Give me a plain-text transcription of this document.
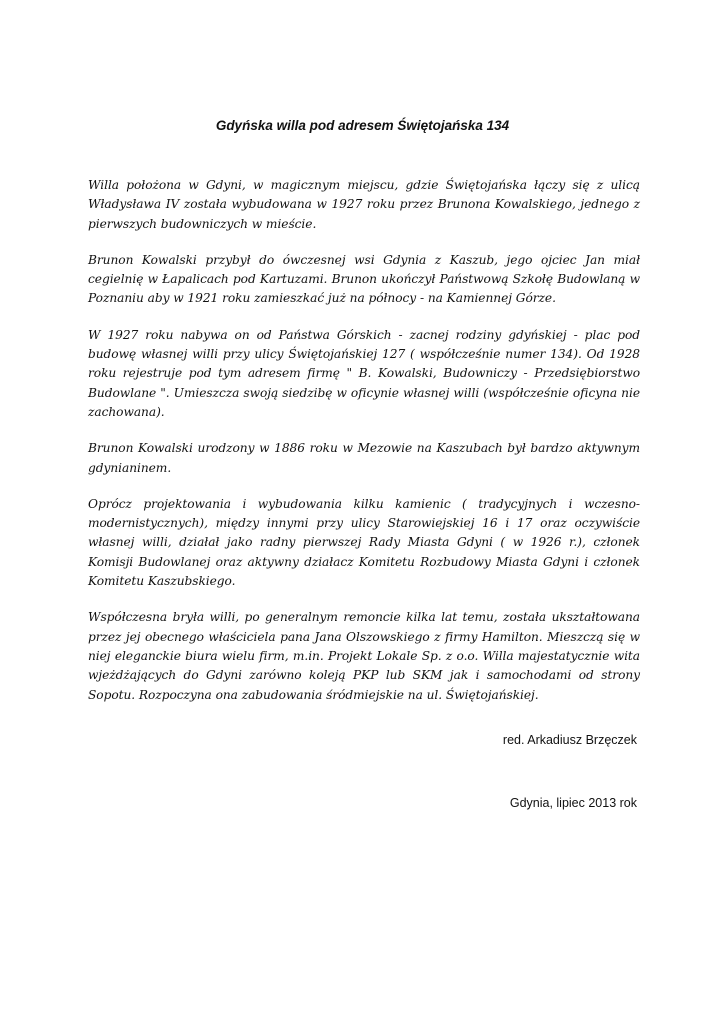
Gdyńska willa pod adresem Świętojańska 134

Willa położona w Gdyni, w magicznym miejscu, gdzie Świętojańska łączy się z ulicą Władysława IV została wybudowana w 1927 roku przez Brunona Kowalskiego, jednego z pierwszych budowniczych w mieście.

Brunon Kowalski przybył do ówczesnej wsi Gdynia z Kaszub, jego ojciec Jan miał cegielnię w Łapalicach pod Kartuzami. Brunon ukończył Państwową Szkołę Budowlaną w Poznaniu aby w 1921 roku zamieszkać już na północy - na Kamiennej Górze.

W 1927 roku nabywa on od Państwa Górskich - zacnej rodziny gdyńskiej - plac pod budowę własnej willi przy ulicy Świętojańskiej 127 ( współcześnie numer 134). Od 1928 roku rejestruje pod tym adresem firmę " B. Kowalski, Budowniczy - Przedsiębiorstwo Budowlane ". Umieszcza swoją siedzibę w oficynie własnej willi (współcześnie oficyna nie zachowana).

Brunon Kowalski urodzony w 1886 roku w Mezowie na Kaszubach był bardzo aktywnym gdynianinem.

Oprócz projektowania i wybudowania kilku kamienic ( tradycyjnych i wczesno-modernistycznych), między innymi przy ulicy Starowiejskiej 16 i 17 oraz oczywiście własnej willi, działał jako radny pierwszej Rady Miasta Gdyni ( w 1926 r.), członek Komisji Budowlanej oraz aktywny działacz Komitetu Rozbudowy Miasta Gdyni i członek Komitetu Kaszubskiego.

Współczesna bryła willi, po generalnym remoncie kilka lat temu, została ukształtowana przez jej obecnego właściciela pana Jana Olszowskiego z firmy Hamilton. Mieszczą się w niej eleganckie biura wielu firm, m.in. Projekt Lokale Sp. z o.o. Willa majestatycznie wita wjeżdżających do Gdyni zarówno koleją PKP lub SKM jak i samochodami od strony Sopotu. Rozpoczyna ona zabudowania śródmiejskie na ul. Świętojańskiej.

red. Arkadiusz Brzęczek
Gdynia, lipiec 2013 rok
